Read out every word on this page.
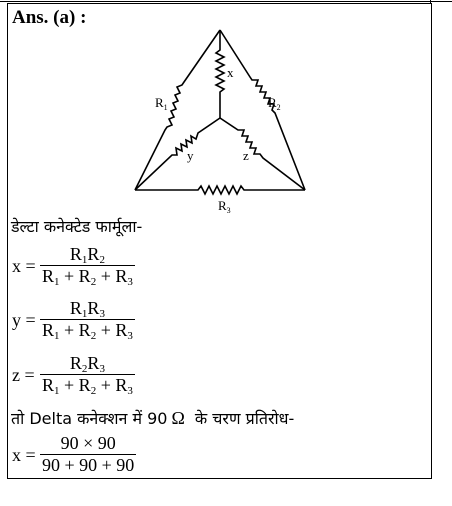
Ans. (a) :
$R_1$	$R_2$
$R_3$
x
y	z
डेल्टा कनेक्टेड फार्मूला-
x =
$R_1R_2$
$R_1 + R_2 + R_3$
y =
$R_1R_3$
$R_1 + R_2 + R_3$
z =
$R_2R_3$
$R_1 + R_2 + R_3$
तो Delta कनेक्शन में 90 Ω के चरण प्रतिरोध-
x =
90 × 90
90 + 90 + 90
